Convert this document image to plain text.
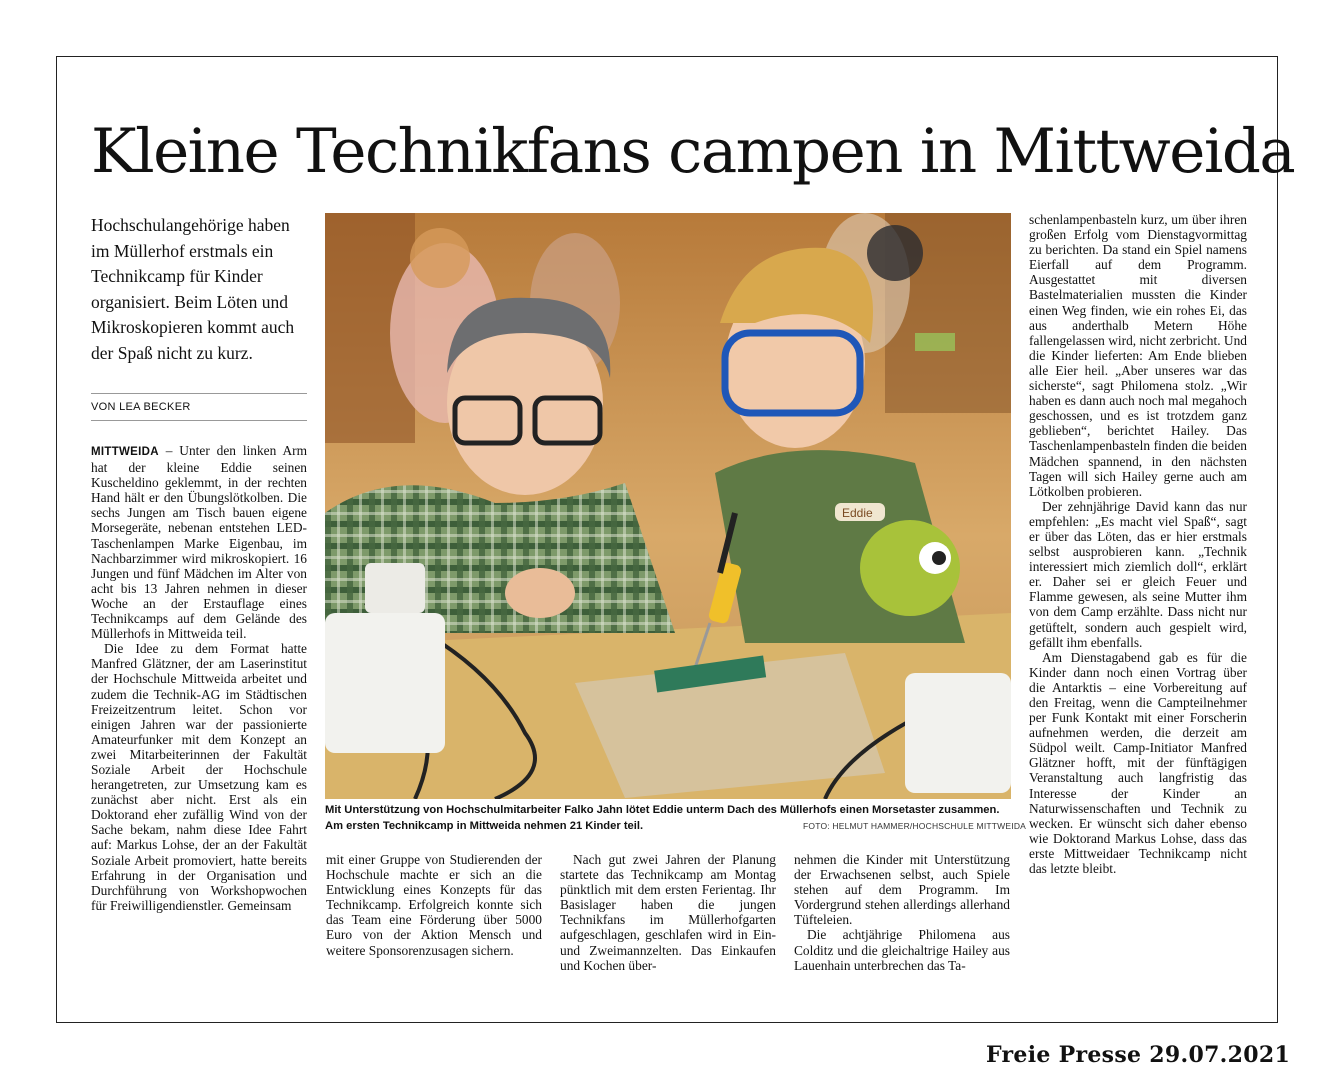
Kleine Technikfans campen in Mittweida
Hochschulangehörige haben im Müllerhof erstmals ein Technikcamp für Kinder organisiert. Beim Löten und Mikroskopieren kommt auch der Spaß nicht zu kurz.
VON LEA BECKER

MITTWEIDA – Unter den linken Arm hat der kleine Eddie seinen Kuscheldino geklemmt, in der rechten Hand hält er den Übungslötkolben. Die sechs Jungen am Tisch bauen eigene Morsegeräte, nebenan entstehen LED-Taschenlampen Marke Eigenbau, im Nachbarzimmer wird mikroskopiert. 16 Jungen und fünf Mädchen im Alter von acht bis 13 Jahren nehmen in dieser Woche an der Erstauflage eines Technikcamps auf dem Gelände des Müllerhofs in Mittweida teil.

Die Idee zu dem Format hatte Manfred Glätzner, der am Laserinstitut der Hochschule Mittweida arbeitet und zudem die Technik-AG im Städtischen Freizeitzentrum leitet. Schon vor einigen Jahren war der passionierte Amateurfunker mit dem Konzept an zwei Mitarbeiterinnen der Fakultät Soziale Arbeit der Hochschule herangetreten, zur Umsetzung kam es zunächst aber nicht. Erst als ein Doktorand eher zufällig Wind von der Sache bekam, nahm diese Idee Fahrt auf: Markus Lohse, der an der Fakultät Soziale Arbeit promoviert, hatte bereits Erfahrung in der Organisation und Durchführung von Workshopwochen für Freiwilligendienstler. Gemeinsam

Eddie
Mit Unterstützung von Hochschulmitarbeiter Falko Jahn lötet Eddie unterm Dach des Müllerhofs einen Morsetaster zusammen. Am ersten Technikcamp in Mittweida nehmen 21 Kinder teil.	FOTO: HELMUT HAMMER/HOCHSCHULE MITTWEIDA

mit einer Gruppe von Studierenden der Hochschule machte er sich an die Entwicklung eines Konzepts für das Technikcamp. Erfolgreich konnte sich das Team eine Förderung über 5000 Euro von der Aktion Mensch und weitere Sponsorenzusagen sichern.

Nach gut zwei Jahren der Planung startete das Technikcamp am Montag pünktlich mit dem ersten Ferientag. Ihr Basislager haben die jungen Technikfans im Müllerhofgarten aufgeschlagen, geschlafen wird in Ein- und Zweimannzelten. Das Einkaufen und Kochen über-

nehmen die Kinder mit Unterstützung der Erwachsenen selbst, auch Spiele stehen auf dem Programm. Im Vordergrund stehen allerdings allerhand Tüfteleien.

Die achtjährige Philomena aus Colditz und die gleichaltrige Hailey aus Lauenhain unterbrechen das Ta-

schenlampenbasteln kurz, um über ihren großen Erfolg vom Dienstagvormittag zu berichten. Da stand ein Spiel namens Eierfall auf dem Programm. Ausgestattet mit diversen Bastelmaterialien mussten die Kinder einen Weg finden, wie ein rohes Ei, das aus anderthalb Metern Höhe fallengelassen wird, nicht zerbricht. Und die Kinder lieferten: Am Ende blieben alle Eier heil. „Aber unseres war das sicherste“, sagt Philomena stolz. „Wir haben es dann auch noch mal megahoch geschossen, und es ist trotzdem ganz geblieben“, berichtet Hailey. Das Taschenlampenbasteln finden die beiden Mädchen spannend, in den nächsten Tagen will sich Hailey gerne auch am Lötkolben probieren.

Der zehnjährige David kann das nur empfehlen: „Es macht viel Spaß“, sagt er über das Löten, das er hier erstmals selbst ausprobieren kann. „Technik interessiert mich ziemlich doll“, erklärt er. Daher sei er gleich Feuer und Flamme gewesen, als seine Mutter ihm von dem Camp erzählte. Dass nicht nur getüftelt, sondern auch gespielt wird, gefällt ihm ebenfalls.

Am Dienstagabend gab es für die Kinder dann noch einen Vortrag über die Antarktis – eine Vorbereitung auf den Freitag, wenn die Campteilnehmer per Funk Kontakt mit einer Forscherin aufnehmen werden, die derzeit am Südpol weilt. Camp-Initiator Manfred Glätzner hofft, mit der fünftägigen Veranstaltung auch langfristig das Interesse der Kinder an Naturwissenschaften und Technik zu wecken. Er wünscht sich daher ebenso wie Doktorand Markus Lohse, dass das erste Mittweidaer Technikcamp nicht das letzte bleibt.

Freie Presse 29.07.2021
